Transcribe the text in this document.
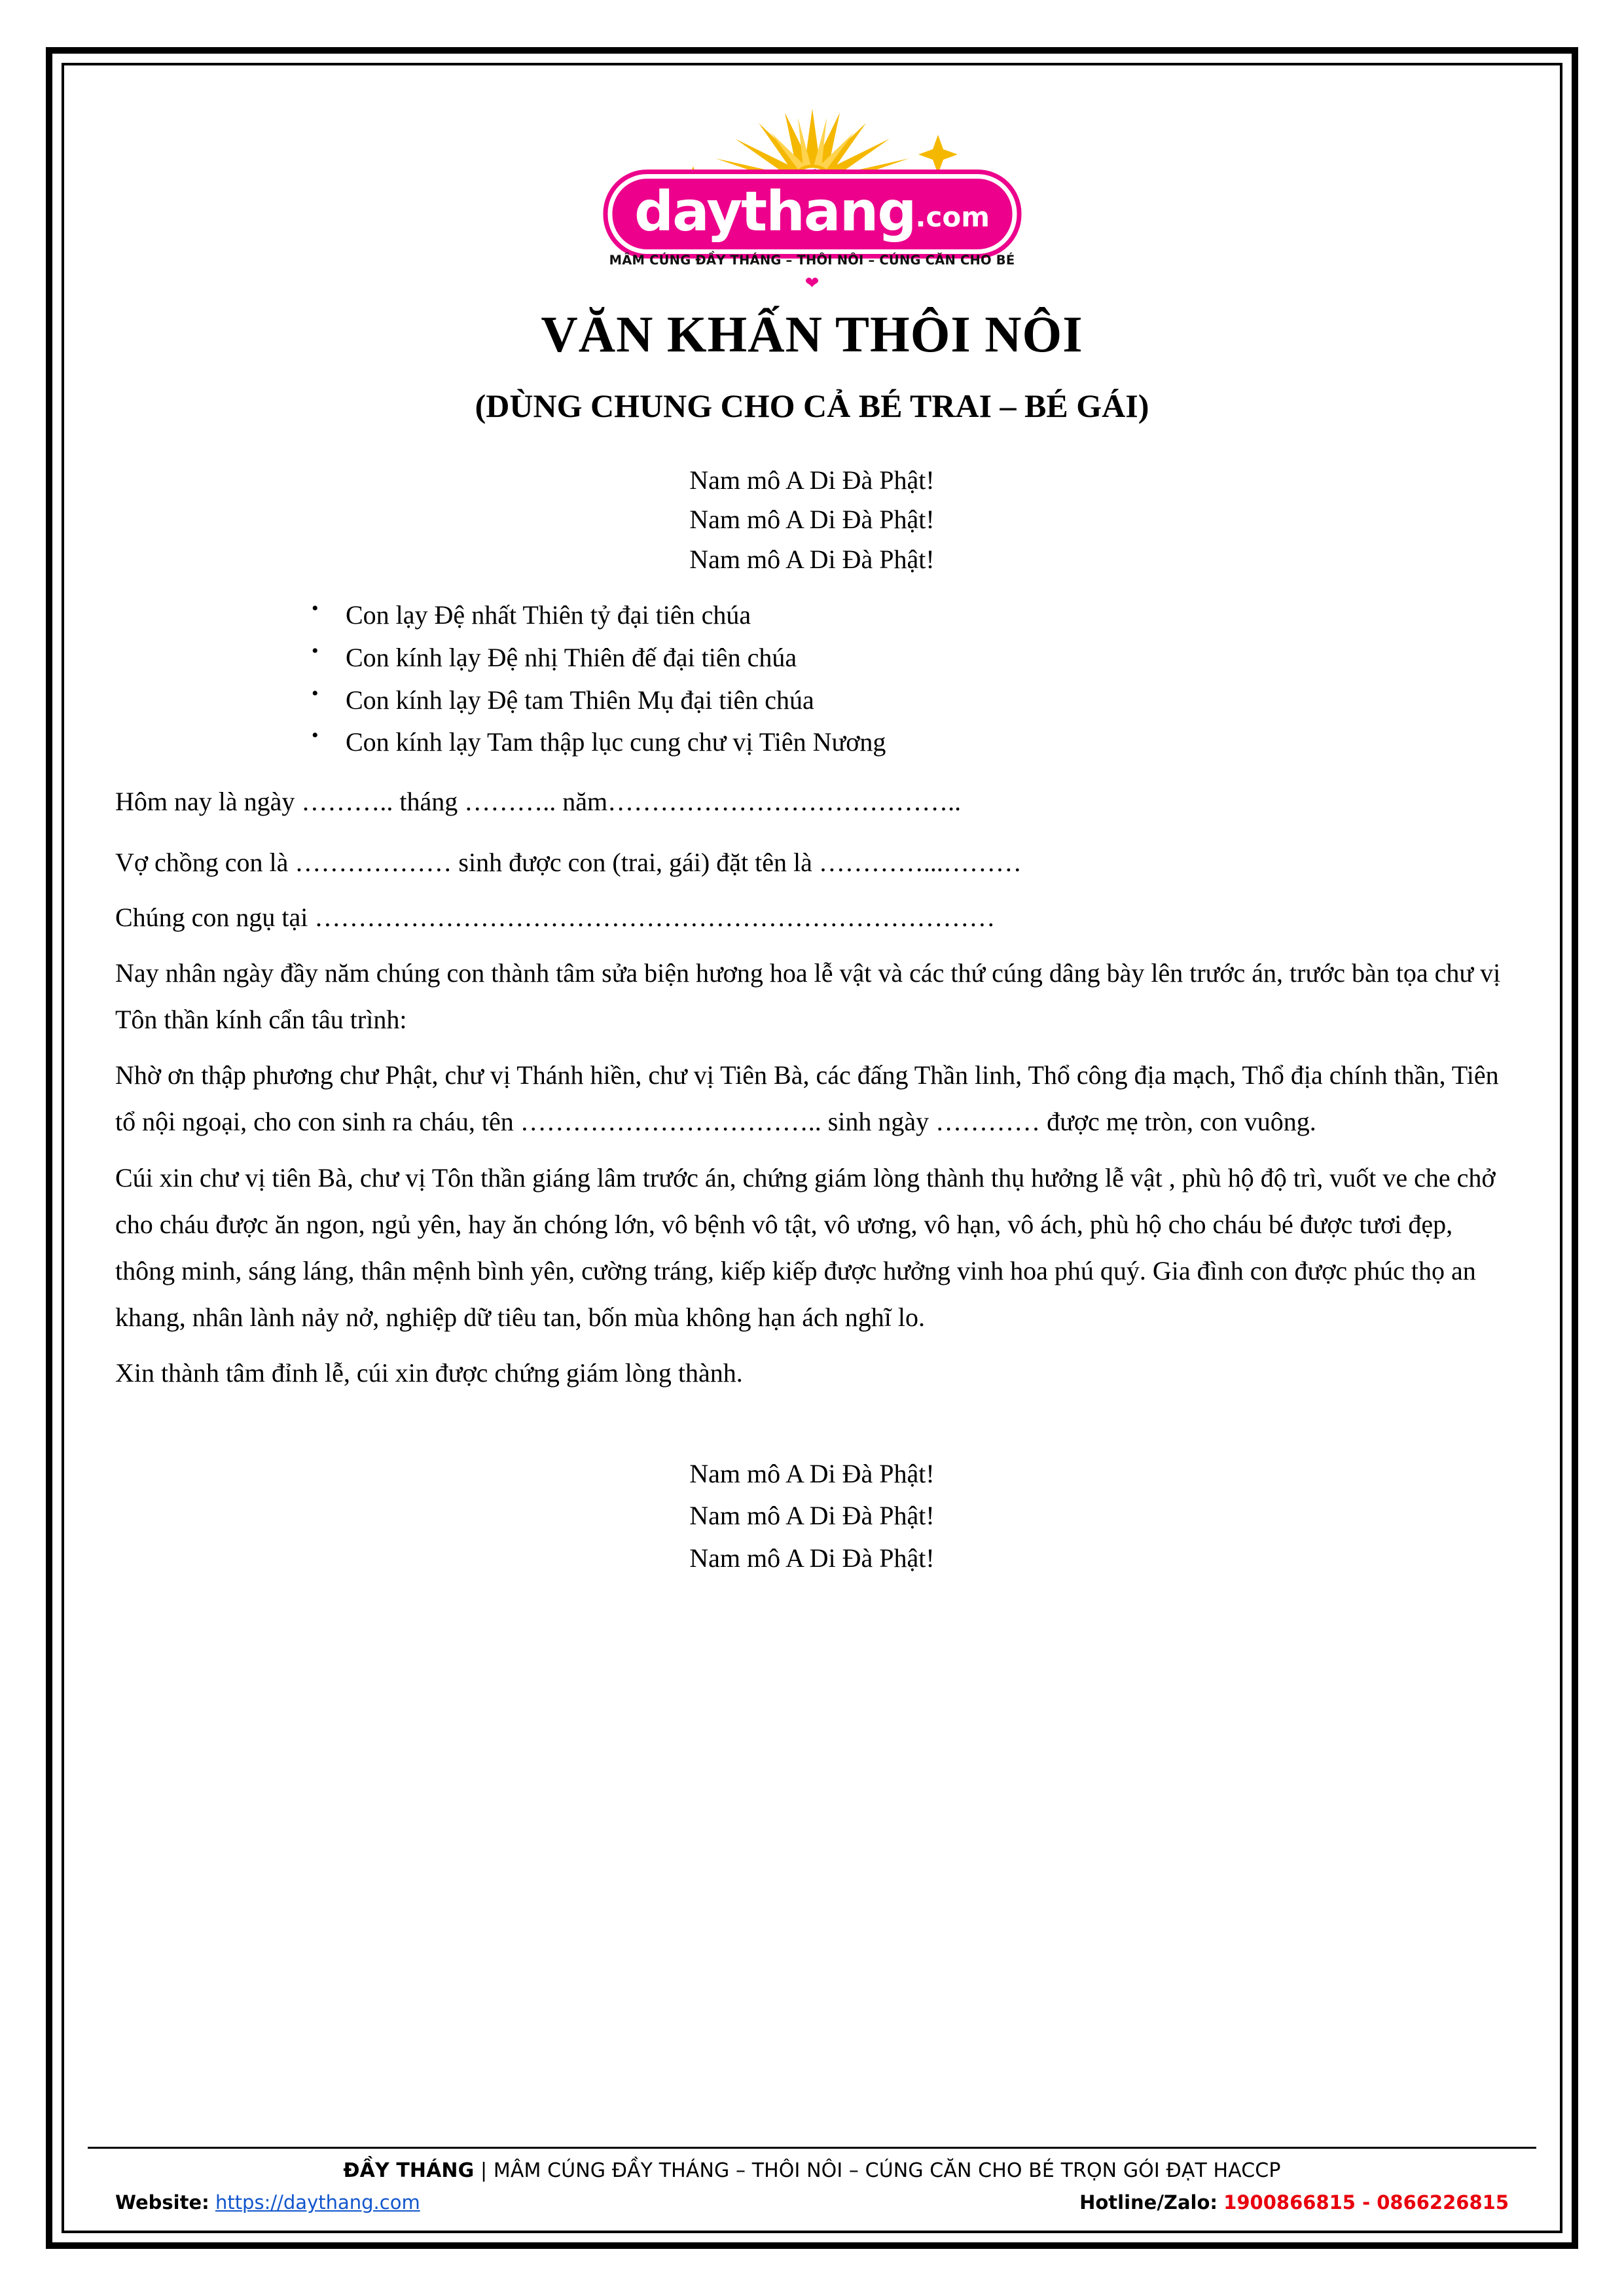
daythang.com
MÂM CÚNG ĐẦY THÁNG – THÔI NÔI – CÚNG CĂN CHO BÉ
❤
VĂN KHẤN THÔI NÔI
(DÙNG CHUNG CHO CẢ BÉ TRAI – BÉ GÁI)
Nam mô A Di Đà Phật!
Nam mô A Di Đà Phật!
Nam mô A Di Đà Phật!
• Con lạy Đệ nhất Thiên tỷ đại tiên chúa
• Con kính lạy Đệ nhị Thiên đế đại tiên chúa
• Con kính lạy Đệ tam Thiên Mụ đại tiên chúa
• Con kính lạy Tam thập lục cung chư vị Tiên Nương

Hôm nay là ngày ……….. tháng ……….. năm…………………………………..

Vợ chồng con là ……………… sinh được con (trai, gái) đặt tên là …………...………

Chúng con ngụ tại ……………………………………………………………………

Nay nhân ngày đầy năm chúng con thành tâm sửa biện hương hoa lễ vật và các thứ cúng dâng bày lên trước án, trước bàn tọa chư vị Tôn thần kính cẩn tâu trình:

Nhờ ơn thập phương chư Phật, chư vị Thánh hiền, chư vị Tiên Bà, các đấng Thần linh, Thổ công địa mạch, Thổ địa chính thần, Tiên tổ nội ngoại, cho con sinh ra cháu, tên …………………………….. sinh ngày ………… được mẹ tròn, con vuông.

Cúi xin chư vị tiên Bà, chư vị Tôn thần giáng lâm trước án, chứng giám lòng thành thụ hưởng lễ vật , phù hộ độ trì, vuốt ve che chở cho cháu được ăn ngon, ngủ yên, hay ăn chóng lớn, vô bệnh vô tật, vô ương, vô hạn, vô ách, phù hộ cho cháu bé được tươi đẹp, thông minh, sáng láng, thân mệnh bình yên, cường tráng, kiếp kiếp được hưởng vinh hoa phú quý. Gia đình con được phúc thọ an khang, nhân lành nảy nở, nghiệp dữ tiêu tan, bốn mùa không hạn ách nghĩ lo.

Xin thành tâm đỉnh lễ, cúi xin được chứng giám lòng thành.

Nam mô A Di Đà Phật!
Nam mô A Di Đà Phật!
Nam mô A Di Đà Phật!
ĐẦY THÁNG | MÂM CÚNG ĐẦY THÁNG – THÔI NÔI – CÚNG CĂN CHO BÉ TRỌN GÓI ĐẠT HACCP
Website: https://daythang.com	Hotline/Zalo: 1900866815 - 0866226815
